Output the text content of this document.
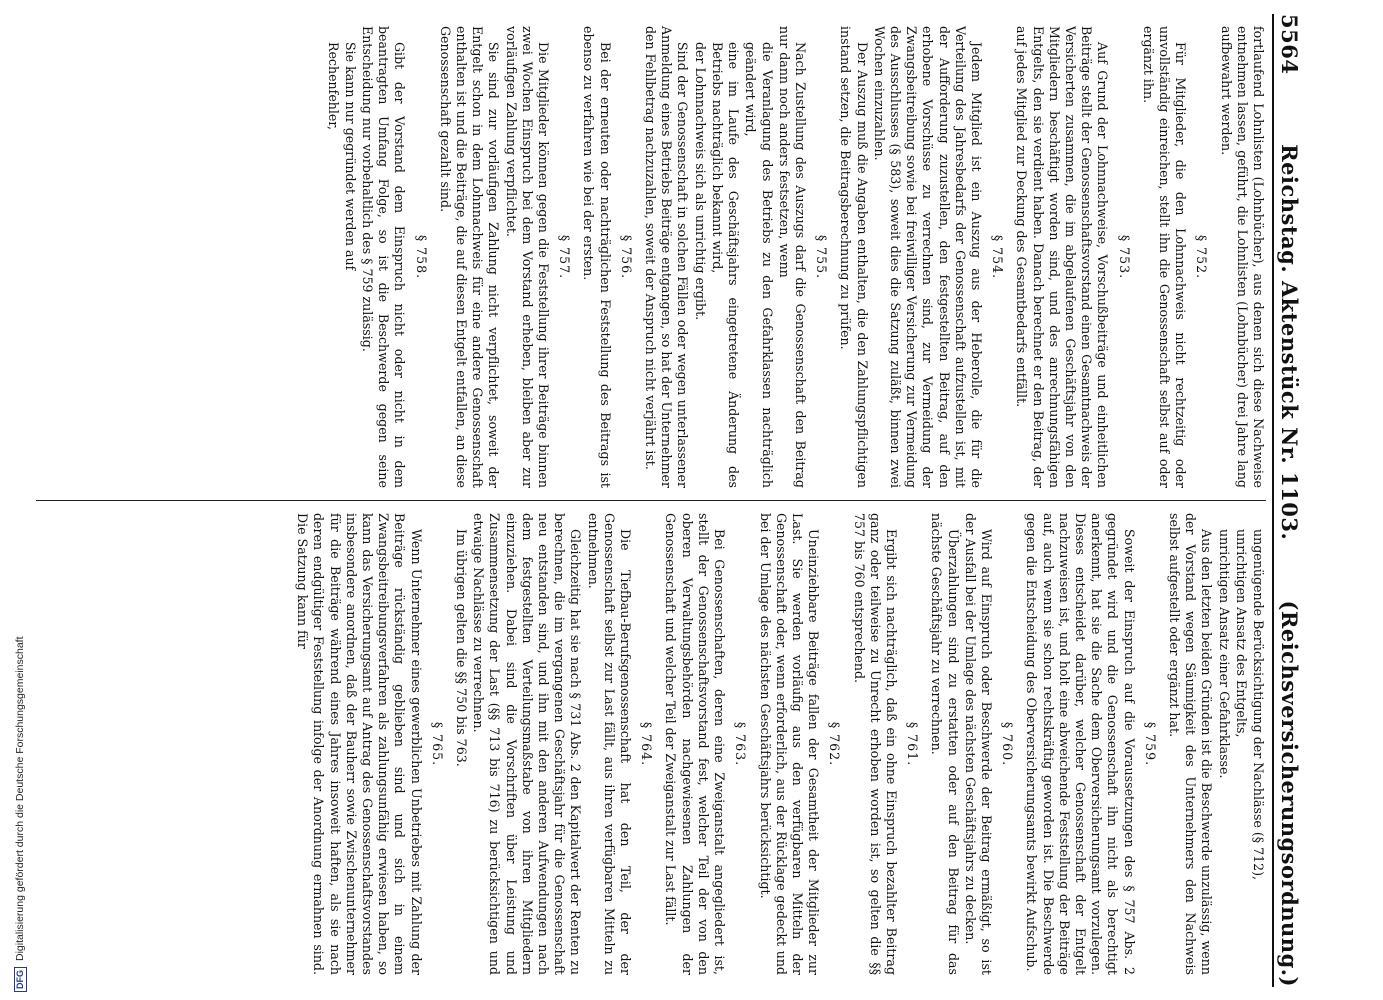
5564
Reichstag. Aktenstück Nr. 1103.
(Reichsversicherungsordnung.)

fortlaufend Lohnlisten (Lohnbücher), aus denen sich diese Nachweise entnehmen lassen, geführt, die Lohnlisten (Lohnbücher) drei Jahre lang aufbewahrt werden.

§ 752.

Für Mitglieder, die den Lohnnachweis nicht rechtzeitig oder unvollständig einreichen, stellt ihn die Genossenschaft selbst auf oder ergänzt ihn.

§ 753.

Auf Grund der Lohnnachweise, Vorschußbeiträge und einheitlichen Beiträge stellt der Genossenschaftsvorstand einen Gesamtnachweis der Versicherten zusammen, die im abgelaufenen Geschäftsjahr von den Mitgliedern beschäftigt worden sind, und des anrechnungsfähigen Entgelts, den sie verdient haben. Danach berechnet er den Beitrag, der auf jedes Mitglied zur Deckung des Gesamtbedarfs entfällt.

§ 754.

Jedem Mitglied ist ein Auszug aus der Heberolle, die für die Verteilung des Jahresbedarfs der Genossenschaft aufzustellen ist, mit der Aufforderung zuzustellen, den festgestellten Beitrag, auf den erhobene Vorschüsse zu verrechnen sind, zur Vermeidung der Zwangsbeitreibung sowie bei freiwilliger Versicherung zur Vermeidung des Ausschlusses (§ 583), soweit dies die Satzung zuläßt, binnen zwei Wochen einzuzahlen.

Der Auszug muß die Angaben enthalten, die den Zahlungspflichtigen instand setzen, die Beitragsberechnung zu prüfen.

§ 755.

Nach Zustellung des Auszugs darf die Genossenschaft den Beitrag nur dann noch anders festsetzen, wenn

die Veranlagung des Betriebs zu den Gefahrklassen nachträglich geändert wird,

eine im Laufe des Geschäftsjahrs eingetretene Änderung des Betriebs nachträglich bekannt wird,

der Lohnnachweis sich als unrichtig ergibt.

Sind der Genossenschaft in solchen Fällen oder wegen unterlassener Anmeldung eines Betriebs Beiträge entgangen, so hat der Unternehmer den Fehlbetrag nachzuzahlen, soweit der Anspruch nicht verjährt ist.

§ 756.

Bei der erneuten oder nachträglichen Feststellung des Beitrags ist ebenso zu verfahren wie bei der ersten.

§ 757.

Die Mitglieder können gegen die Feststellung ihrer Beiträge binnen zwei Wochen Einspruch bei dem Vorstand erheben, bleiben aber zur vorläufigen Zahlung verpflichtet.

Sie sind zur vorläufigen Zahlung nicht verpflichtet, soweit der Entgelt schon in dem Lohnnachweis für eine andere Genossenschaft enthalten ist und die Beiträge, die auf diesen Entgelt entfallen, an diese Genossenschaft gezahlt sind.

§ 758.

Gibt der Vorstand dem Einspruch nicht oder nicht in dem beantragten Umfang Folge, so ist die Beschwerde gegen seine Entscheidung nur vorbehaltlich des § 759 zulässig.

Sie kann nur gegründet werden auf

Rechenfehler,

ungenügende Berücksichtigung der Nachlässe (§ 712),

unrichtigen Ansatz des Entgelts,

unrichtigen Ansatz einer Gefahrklasse.

Aus den letzten beiden Gründen ist die Beschwerde unzulässig, wenn der Vorstand wegen Säumigkeit des Unternehmers den Nachweis selbst aufgestellt oder ergänzt hat.

§ 759.

Soweit der Einspruch auf die Voraussetzungen des § 757 Abs. 2 gegründet wird und die Genossenschaft ihn nicht als berechtigt anerkennt, hat sie die Sache dem Oberversicherungsamt vorzulegen. Dieses entscheidet darüber, welcher Genossenschaft der Entgelt nachzuweisen ist, und holt eine abweichende Feststellung der Beiträge auf, auch wenn sie schon rechtskräftig geworden ist. Die Beschwerde gegen die Entscheidung des Oberversicherungsamts bewirkt Aufschub.

§ 760.

Wird auf Einspruch oder Beschwerde der Beitrag ermäßigt, so ist der Ausfall bei der Umlage des nächsten Geschäftsjahrs zu decken.

Überzahlungen sind zu erstatten oder auf den Beitrag für das nächste Geschäftsjahr zu verrechnen.

§ 761.

Ergibt sich nachträglich, daß ein ohne Einspruch bezahlter Beitrag ganz oder teilweise zu Unrecht erhoben worden ist, so gelten die §§ 757 bis 760 entsprechend.

§ 762.

Uneinziehbare Beiträge fallen der Gesamtheit der Mitglieder zur Last. Sie werden vorläufig aus den verfügbaren Mitteln der Genossenschaft oder, wenn erforderlich, aus der Rücklage gedeckt und bei der Umlage des nächsten Geschäftsjahrs berücksichtigt.

§ 763.

Bei Genossenschaften, deren eine Zweiganstalt angegliedert ist, stellt der Genossenschaftsvorstand fest, welcher Teil der von den oberen Verwaltungsbehörden nachgewiesenen Zahlungen der Genossenschaft und welcher Teil der Zweiganstalt zur Last fällt.

§ 764.

Die Tiefbau-Berufsgenossenschaft hat den Teil, der der Genossenschaft selbst zur Last fällt, aus ihren verfügbaren Mitteln zu entnehmen.

Gleichzeitig hat sie nach § 731 Abs. 2 den Kapitalwert der Renten zu berechnen, die im vergangenen Geschäftsjahr für die Genossenschaft neu entstanden sind, und ihn mit den anderen Aufwendungen nach dem festgestellten Verteilungsmaßstabe von ihren Mitgliedern einzuziehen. Dabei sind die Vorschriften über Leistung und Zusammensetzung der Last (§§ 713 bis 716) zu berücksichtigen und etwaige Nachlässe zu verrechnen.

Im übrigen gelten die §§ 750 bis 763.

§ 765.

Wenn Unternehmer eines gewerblichen Unbetriebes mit Zahlung der Beiträge rückständig geblieben sind und sich in einem Zwangsbeitreibungsverfahren als zahlungsunfähig erwiesen haben, so kann das Versicherungsamt auf Antrag des Genossenschaftsvorstandes insbesondere anordnen, daß der Bauherr sowie Zwischenunternehmer für die Beiträge während eines Jahres insoweit haften, als sie nach deren endgültiger Feststellung infolge der Anordnung ermahnen sind. Die Satzung kann für

DFG
Digitalisierung gefördert durch die Deutsche Forschungsgemeinschaft
